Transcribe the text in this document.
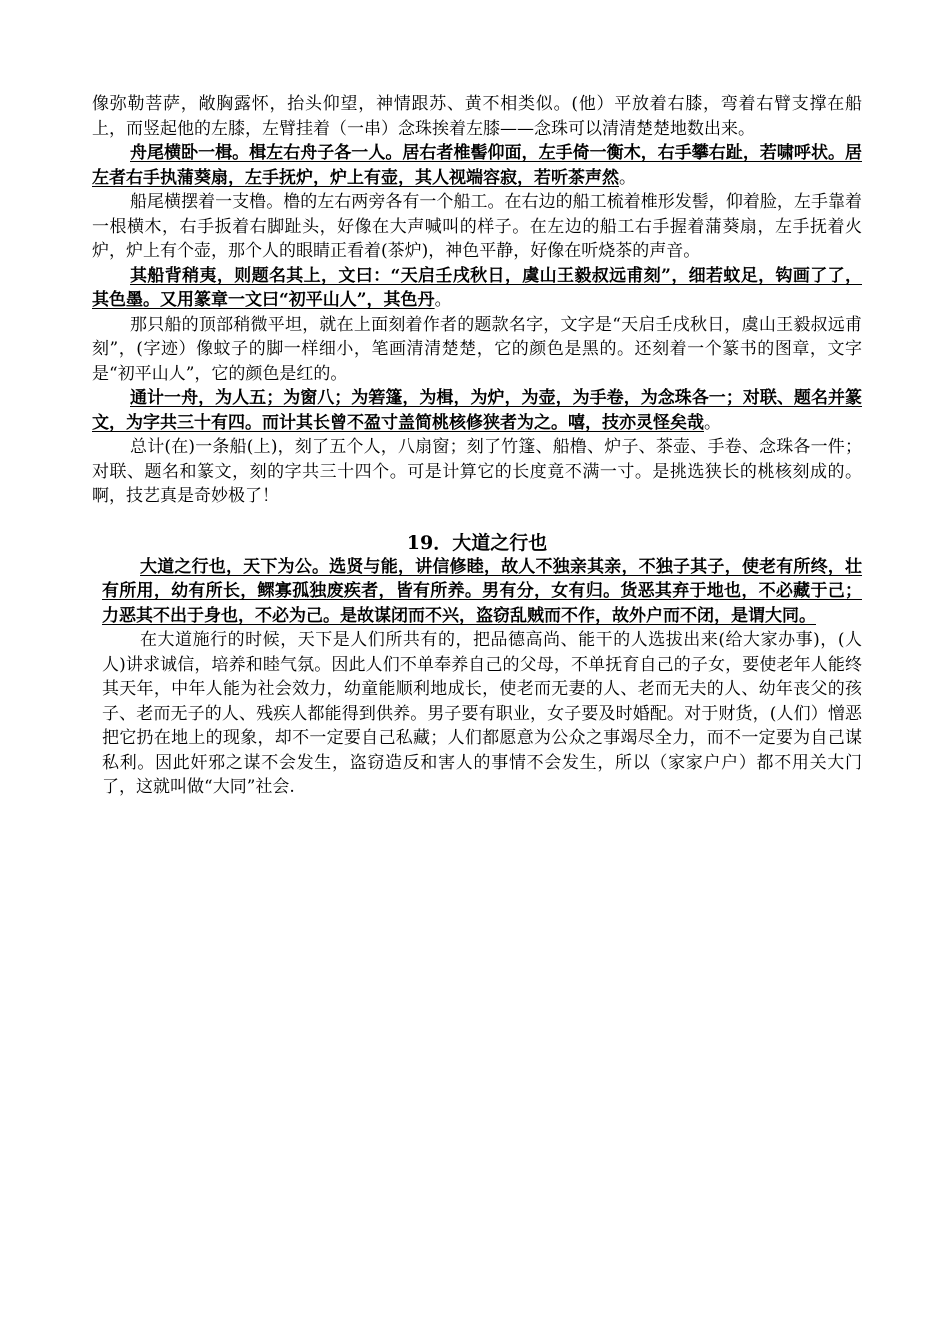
像弥勒菩萨，敞胸露怀，抬头仰望，神情跟苏、黄不相类似。(他）平放着右膝，弯着右臂支撑在船上，而竖起他的左膝，左臂挂着（一串）念珠挨着左膝——念珠可以清清楚楚地数出来。

舟尾横卧一楫。楫左右舟子各一人。居右者椎髻仰面，左手倚一衡木，右手攀右趾，若啸呼状。居左者右手执蒲葵扇，左手抚炉，炉上有壶，其人视端容寂，若听茶声然。

船尾横摆着一支橹。橹的左右两旁各有一个船工。在右边的船工梳着椎形发髻，仰着脸，左手靠着一根横木，右手扳着右脚趾头，好像在大声喊叫的样子。在左边的船工右手握着蒲葵扇，左手抚着火炉，炉上有个壶，那个人的眼睛正看着(茶炉)，神色平静，好像在听烧茶的声音。

其船背稍夷，则题名其上，文曰：“天启壬戌秋日，虞山王毅叔远甫刻”，细若蚊足，钩画了了，其色墨。又用篆章一文曰“初平山人”，其色丹。

那只船的顶部稍微平坦，就在上面刻着作者的题款名字，文字是“天启壬戌秋日，虞山王毅叔远甫刻”，(字迹）像蚊子的脚一样细小，笔画清清楚楚，它的颜色是黑的。还刻着一个篆书的图章，文字是“初平山人”，它的颜色是红的。

通计一舟，为人五；为窗八；为箬篷，为楫，为炉，为壶，为手卷，为念珠各一；对联、题名并篆文，为字共三十有四。而计其长曾不盈寸盖简桃核修狭者为之。嘻，技亦灵怪矣哉。

总计(在)一条船(上)，刻了五个人，八扇窗；刻了竹篷、船橹、炉子、茶壶、手卷、念珠各一件；对联、题名和篆文，刻的字共三十四个。可是计算它的长度竟不满一寸。是挑选狭长的桃核刻成的。啊，技艺真是奇妙极了！

19．大道之行也

大道之行也，天下为公。选贤与能，讲信修睦，故人不独亲其亲，不独子其子，使老有所终，壮有所用，幼有所长，鳏寡孤独废疾者，皆有所养。男有分，女有归。货恶其弃于地也，不必藏于己；力恶其不出于身也，不必为己。是故谋闭而不兴，盗窃乱贼而不作，故外户而不闭，是谓大同。

在大道施行的时候，天下是人们所共有的，把品德高尚、能干的人选拔出来(给大家办事)，(人人)讲求诚信，培养和睦气氛。因此人们不单奉养自己的父母，不单抚育自己的子女，要使老年人能终其天年，中年人能为社会效力，幼童能顺利地成长，使老而无妻的人、老而无夫的人、幼年丧父的孩子、老而无子的人、残疾人都能得到供养。男子要有职业，女子要及时婚配。对于财货，(人们）憎恶把它扔在地上的现象，却不一定要自己私藏；人们都愿意为公众之事竭尽全力，而不一定要为自己谋私利。因此奸邪之谋不会发生，盗窃造反和害人的事情不会发生，所以（家家户户）都不用关大门了，这就叫做“大同”社会.
